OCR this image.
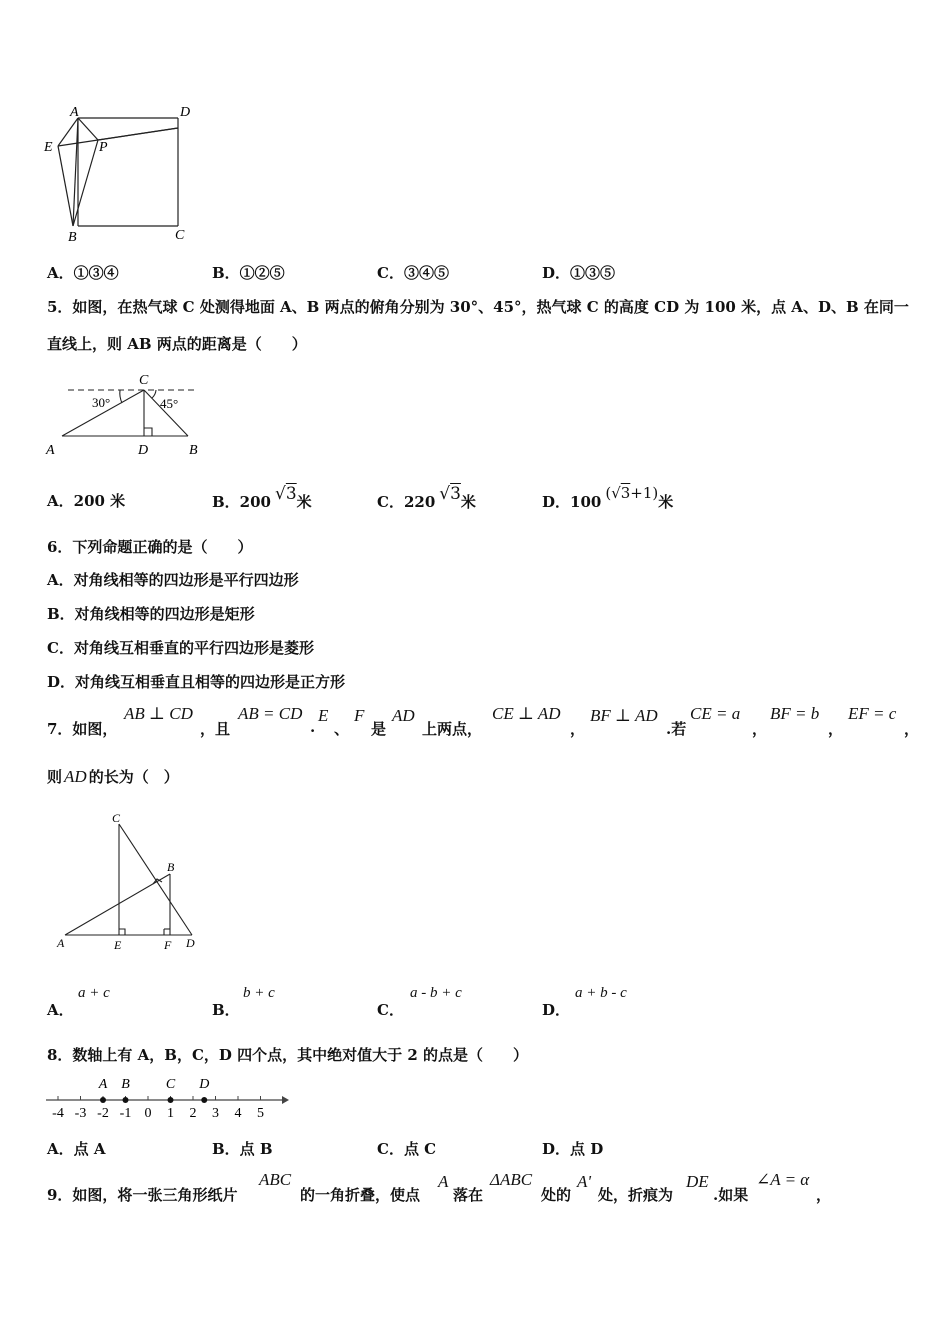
A	D
E	P
B	C
A．①③④	B．①②⑤	C．③④⑤	D．①③⑤
5．如图，在热气球 C 处测得地面 A、B 两点的俯角分别为 30°、45°，热气球 C 的高度 CD 为 100 米，点 A、D、B 在同一
直线上，则 AB 两点的距离是（　　）
C
A	D	B
30°	45°
A．200 米	B．200 √3 米	C．220 √3 米	D．100 (√3+1) 米
6．下列命题正确的是（　　）
A．对角线相等的四边形是平行四边形
B．对角线相等的四边形是矩形
C．对角线互相垂直的平行四边形是菱形
D．对角线互相垂直且相等的四边形是正方形
7．如图，
AB ⊥ CD
，且
AB = CD
.
E
、
F
是
AD
上两点，
CE ⊥ AD
，
BF ⊥ AD
.若
CE = a
，
BF = b
，
EF = c
，
则 AD 的长为（　）
C
B
A	E	F D
A．
a + c
B．
b + c
C．
a - b + c
D．
a + b - c
8．数轴上有 A，B，C，D 四个点，其中绝对值大于 2 的点是（　　）
-4 -3 -2 -1 0 1 2 3 4 5
A B	C D
A．点 A	B．点 B	C．点 C	D．点 D
9．如图，将一张三角形纸片
ABC
的一角折叠，使点
A
落在
ΔABC
处的
A'
处，折痕为
DE
.如果
∠A = α
，
